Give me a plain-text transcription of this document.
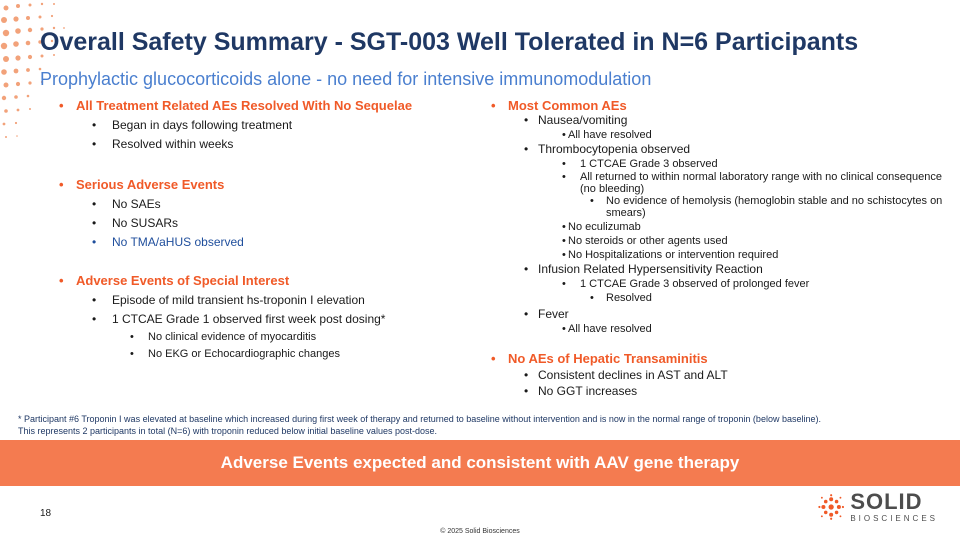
Overall Safety Summary - SGT-003 Well Tolerated in N=6 Participants
Prophylactic glucocorticoids alone - no need for intensive immunomodulation
• All Treatment Related AEs Resolved With No Sequelae
• Began in days following treatment
• Resolved within weeks
• Serious Adverse Events
• No SAEs
• No SUSARs
• No TMA/aHUS observed
• Adverse Events of Special Interest
• Episode of mild transient hs-troponin I elevation
• 1 CTCAE Grade 1 observed first week post dosing*
• No clinical evidence of myocarditis
• No EKG or Echocardiographic changes
• Most Common AEs
• Nausea/vomiting
• All have resolved
• Thrombocytopenia observed
• 1 CTCAE Grade 3 observed
• All returned to within normal laboratory range with no clinical consequence (no bleeding)
• No evidence of hemolysis (hemoglobin stable and no schistocytes on smears)
• No eculizumab
• No steroids or other agents used
• No Hospitalizations or intervention required
• Infusion Related Hypersensitivity Reaction
• 1 CTCAE Grade 3 observed of prolonged fever
• Resolved
• Fever
• All have resolved
• No AEs of Hepatic Transaminitis
• Consistent declines in AST and ALT
• No GGT increases
* Participant #6 Troponin I was elevated at baseline which increased during first week of therapy and returned to baseline without intervention and is now in the normal range of troponin (below baseline).
This represents 2 participants in total (N=6) with troponin reduced below initial baseline values post-dose.
Adverse Events expected and consistent with AAV gene therapy
18	SOLID
BIOSCIENCES
© 2025 Solid Biosciences
